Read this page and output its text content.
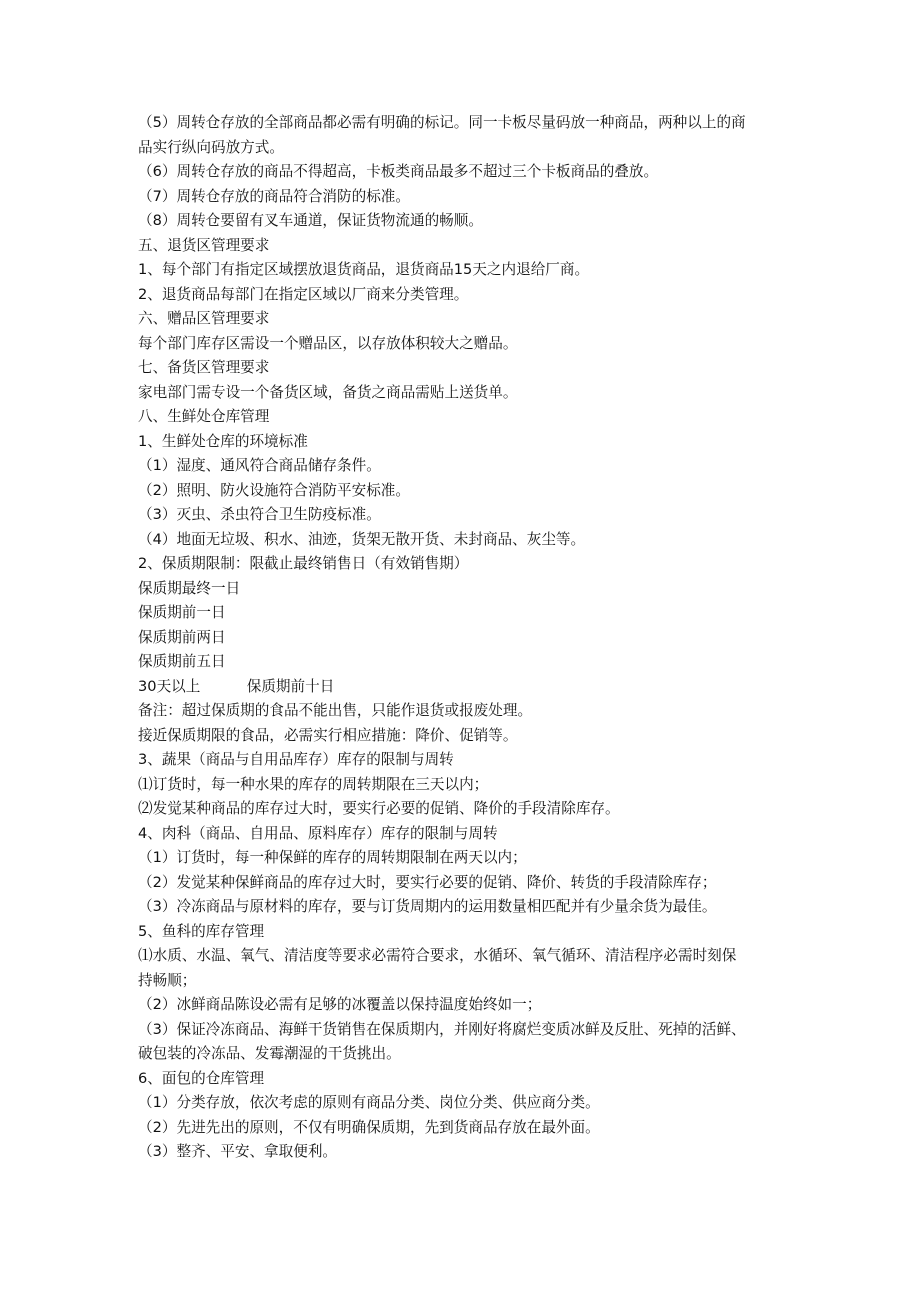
（5）周转仓存放的全部商品都必需有明确的标记。同一卡板尽量码放一种商品，两种以上的商

品实行纵向码放方式。

（6）周转仓存放的商品不得超高，卡板类商品最多不超过三个卡板商品的叠放。

（7）周转仓存放的商品符合消防的标准。

（8）周转仓要留有叉车通道，保证货物流通的畅顺。

五、退货区管理要求

1、每个部门有指定区域摆放退货商品，退货商品15天之内退给厂商。

2、退货商品每部门在指定区域以厂商来分类管理。

六、赠品区管理要求

每个部门库存区需设一个赠品区，以存放体积较大之赠品。

七、备货区管理要求

家电部门需专设一个备货区域，备货之商品需贴上送货单。

八、生鲜处仓库管理

1、生鲜处仓库的环境标准

（1）湿度、通风符合商品储存条件。

（2）照明、防火设施符合消防平安标准。

（3）灭虫、杀虫符合卫生防疫标准。

（4）地面无垃圾、积水、油迹，货架无散开货、未封商品、灰尘等。

2、保质期限制：限截止最终销售日（有效销售期）

保质期最终一日

保质期前一日

保质期前两日

保质期前五日

30天以上          保质期前十日

备注：超过保质期的食品不能出售，只能作退货或报废处理。

接近保质期限的食品，必需实行相应措施：降价、促销等。

3、蔬果（商品与自用品库存）库存的限制与周转

⑴订货时，每一种水果的库存的周转期限在三天以内；

⑵发觉某种商品的库存过大时，要实行必要的促销、降价的手段清除库存。

4、肉科（商品、自用品、原料库存）库存的限制与周转

（1）订货时，每一种保鲜的库存的周转期限制在两天以内；

（2）发觉某种保鲜商品的库存过大时，要实行必要的促销、降价、转货的手段清除库存；

（3）冷冻商品与原材料的库存，要与订货周期内的运用数量相匹配并有少量余货为最佳。

5、鱼科的库存管理

⑴水质、水温、氧气、清洁度等要求必需符合要求，水循环、氧气循环、清洁程序必需时刻保

持畅顺；

（2）冰鲜商品陈设必需有足够的冰覆盖以保持温度始终如一；

（3）保证冷冻商品、海鲜干货销售在保质期内，并刚好将腐烂变质冰鲜及反肚、死掉的活鲜、

破包装的冷冻品、发霉潮湿的干货挑出。

6、面包的仓库管理

（1）分类存放，依次考虑的原则有商品分类、岗位分类、供应商分类。

（2）先进先出的原则，不仅有明确保质期，先到货商品存放在最外面。

（3）整齐、平安、拿取便利。
